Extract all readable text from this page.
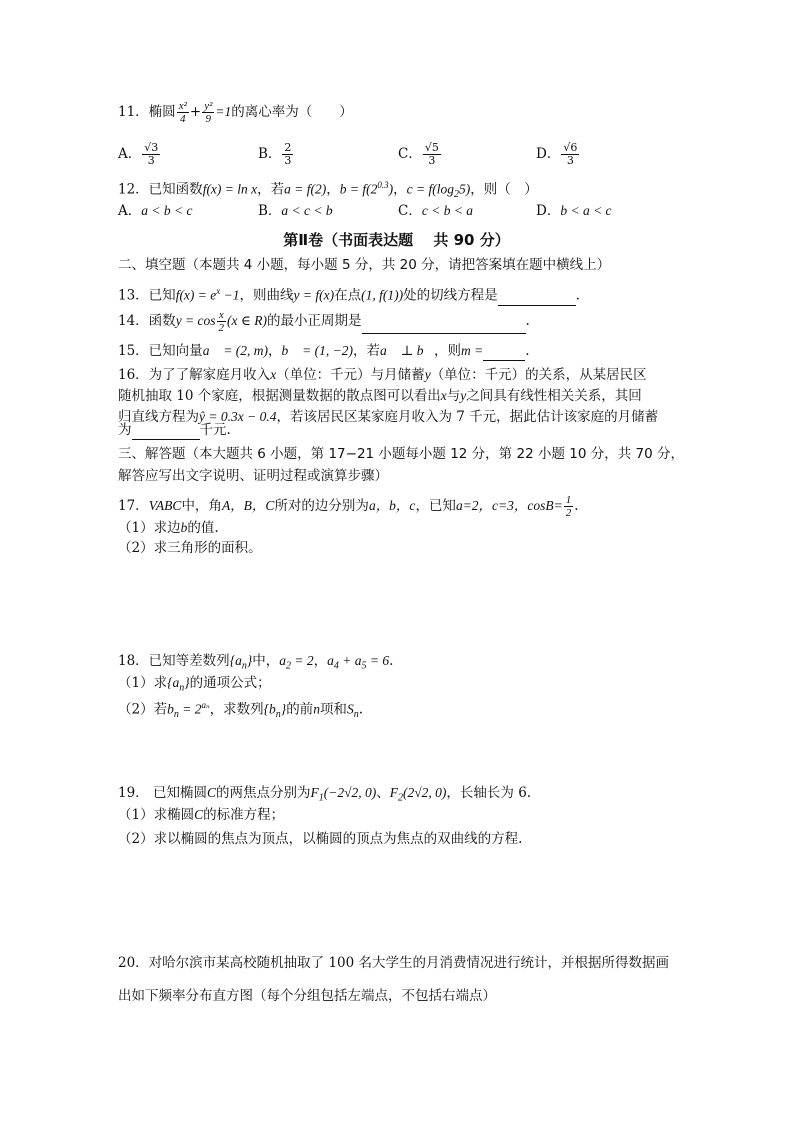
11．椭圆 $\frac{\text{x²}}{4} + \frac{\text{y²}}{9} =1$的离心率为（　　）
A． $\frac{√3}{3}$	B． $\frac{2}{3}$	C． $\frac{√5}{3}$	D． $\frac{√6}{3}$
12．已知函数f(x) = ln x，若a = f(2)，$b = f(2^{0.3})$，$c = f(\log_25)$，则（　）
A．a < b < c	B．a < c < b	C．c < b < a	D．b < a < c
第Ⅱ卷（书面表达题　 共 90 分）
二、填空题（本题共 4 小题，每小题 5 分，共 20 分，请把答案填在题中横线上）
13．已知$f(x) = e^x -1$，则曲线y = f(x)在点(1, f(1))处的切线方程是	.
14．函数$y = \cos \frac{x}{2} (x$ ∈ R)的最小正周期是	.
15．已知向量a⃗ = (2, m)，b⃗ = (1, −2)，若a⃗ ⊥ b⃗，则m =	.
16．为了了解家庭月收入x（单位：千元）与月储蓄y（单位：千元）的关系，从某居民区
随机抽取 10 个家庭，根据测量数据的散点图可以看出x与y之间具有线性相关关系，其回
归直线方程为ŷ = 0.3x − 0.4，若该居民区某家庭月收入为 7 千元，据此估计该家庭的月储蓄
为	千元.
三、解答题（本大题共 6 小题，第 17−21 小题每小题 12 分，第 22 小题 10 分，共 70 分，
解答应写出文字说明、证明过程或演算步骤）
17．VABC中，角A，B，C所对的边分别为a，b，c，已知a=2，c=3，$\cos B= \frac{1}{2}$ .
（1）求边b的值.
（2）求三角形的面积。
18．已知等差数列$\{a_n\}$中，$a_2 = 2$，$a_4 + a_5 = 6$.
（1）求$\{a_n\}$的通项公式；
（2）若$b_n = 2^{a_n}$，求数列$\{b_n\}$的前n项和$S_n$.
19． 已知椭圆C的两焦点分别为$F_1(-2√2$, 0)、$F_2(2√2$, 0)，长轴长为 6.
（1）求椭圆C的标准方程；
（2）求以椭圆的焦点为顶点，以椭圆的顶点为焦点的双曲线的方程.
20．对哈尔滨市某高校随机抽取了 100 名大学生的月消费情况进行统计，并根据所得数据画
出如下频率分布直方图（每个分组包括左端点，不包括右端点）
